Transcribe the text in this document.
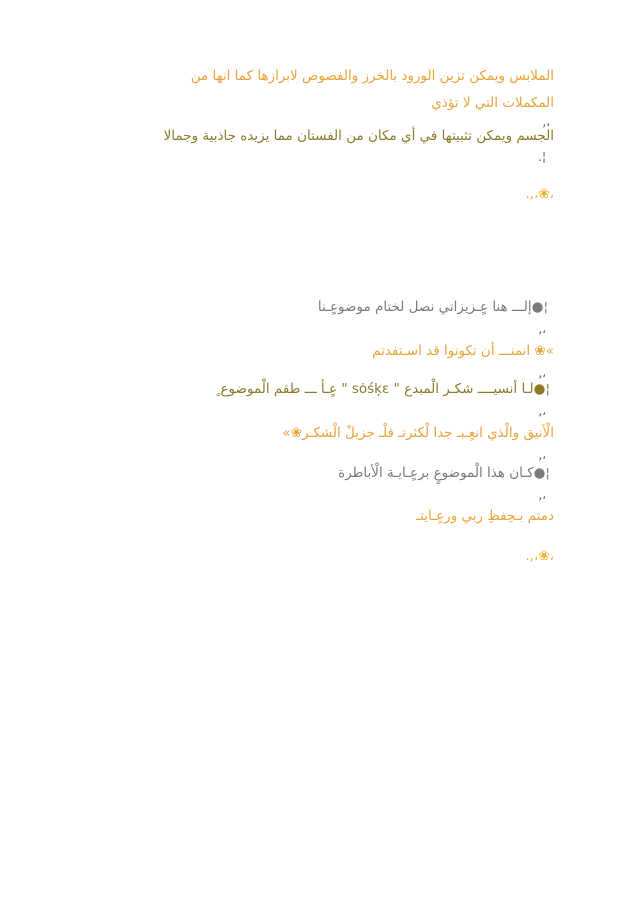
الملابس ويمكن تزين الورود بالخرز والفصوص لابرازها كما انها من
المكملات التي لا تؤذي
،,
الجسم ويمكن تثبيتها في أي مكان من الفستان مما يزيده جاذبية وجمالا
¦.
،❀،,.
¦●إلـــ هنا عٍـزيزاتي نصل لختام موضوعٍـنا
،,
»❀ انمنـــ أن تكونوا قد اسـتفدتم
،,
¦●لـا أنسيــــ شكـر الْمبدع " sȯśķɛ " عٍـأ ـــ طقم الْموضوع ٍ
،,
الْأنيق والْذي انعٍـبـ جدا لْكثرتـ فلْـ جزيلْ الْشكـر❀»
،,
¦●كـان هذا الْموضوعٍ برعٍـايـة الْأباطرة
،,
دمتم بـحِفظِ ربي ورعٍـايتـ
،❀،,.
